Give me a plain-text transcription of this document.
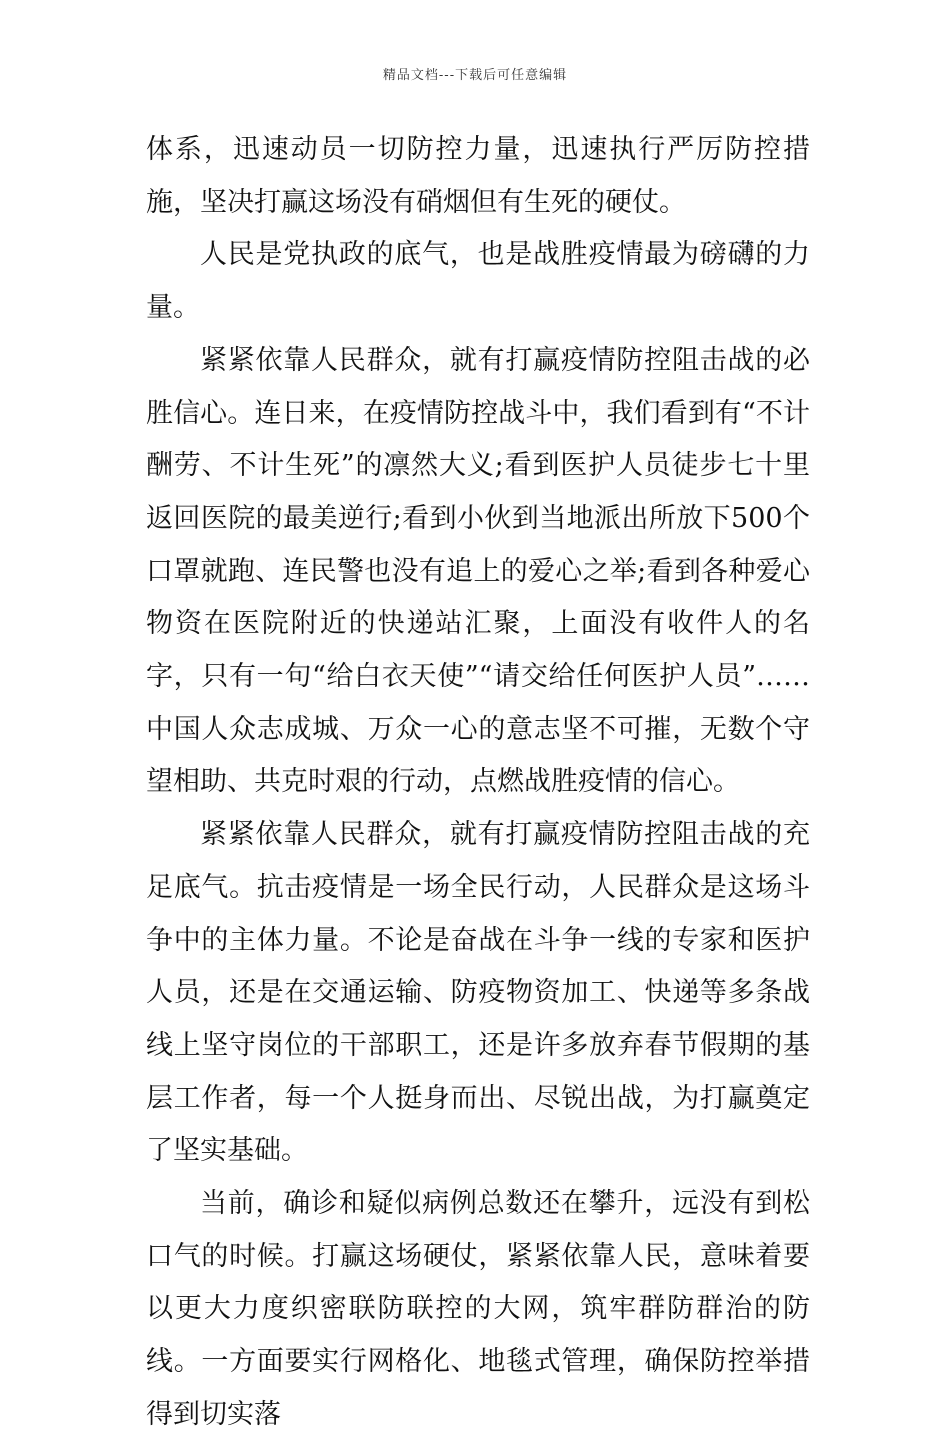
精品文档---下载后可任意编辑

体系，迅速动员一切防控力量，迅速执行严厉防控措施，坚决打赢这场没有硝烟但有生死的硬仗。

人民是党执政的底气，也是战胜疫情最为磅礴的力量。

紧紧依靠人民群众，就有打赢疫情防控阻击战的必胜信心。连日来，在疫情防控战斗中，我们看到有“不计酬劳、不计生死”的凛然大义;看到医护人员徒步七十里返回医院的最美逆行;看到小伙到当地派出所放下500个口罩就跑、连民警也没有追上的爱心之举;看到各种爱心物资在医院附近的快递站汇聚，上面没有收件人的名字，只有一句“给白衣天使”“请交给任何医护人员”……中国人众志成城、万众一心的意志坚不可摧，无数个守望相助、共克时艰的行动，点燃战胜疫情的信心。

紧紧依靠人民群众，就有打赢疫情防控阻击战的充足底气。抗击疫情是一场全民行动，人民群众是这场斗争中的主体力量。不论是奋战在斗争一线的专家和医护人员，还是在交通运输、防疫物资加工、快递等多条战线上坚守岗位的干部职工，还是许多放弃春节假期的基层工作者，每一个人挺身而出、尽锐出战，为打赢奠定了坚实基础。

当前，确诊和疑似病例总数还在攀升，远没有到松口气的时候。打赢这场硬仗，紧紧依靠人民，意味着要以更大力度织密联防联控的大网，筑牢群防群治的防线。一方面要实行网格化、地毯式管理，确保防控举措得到切实落
